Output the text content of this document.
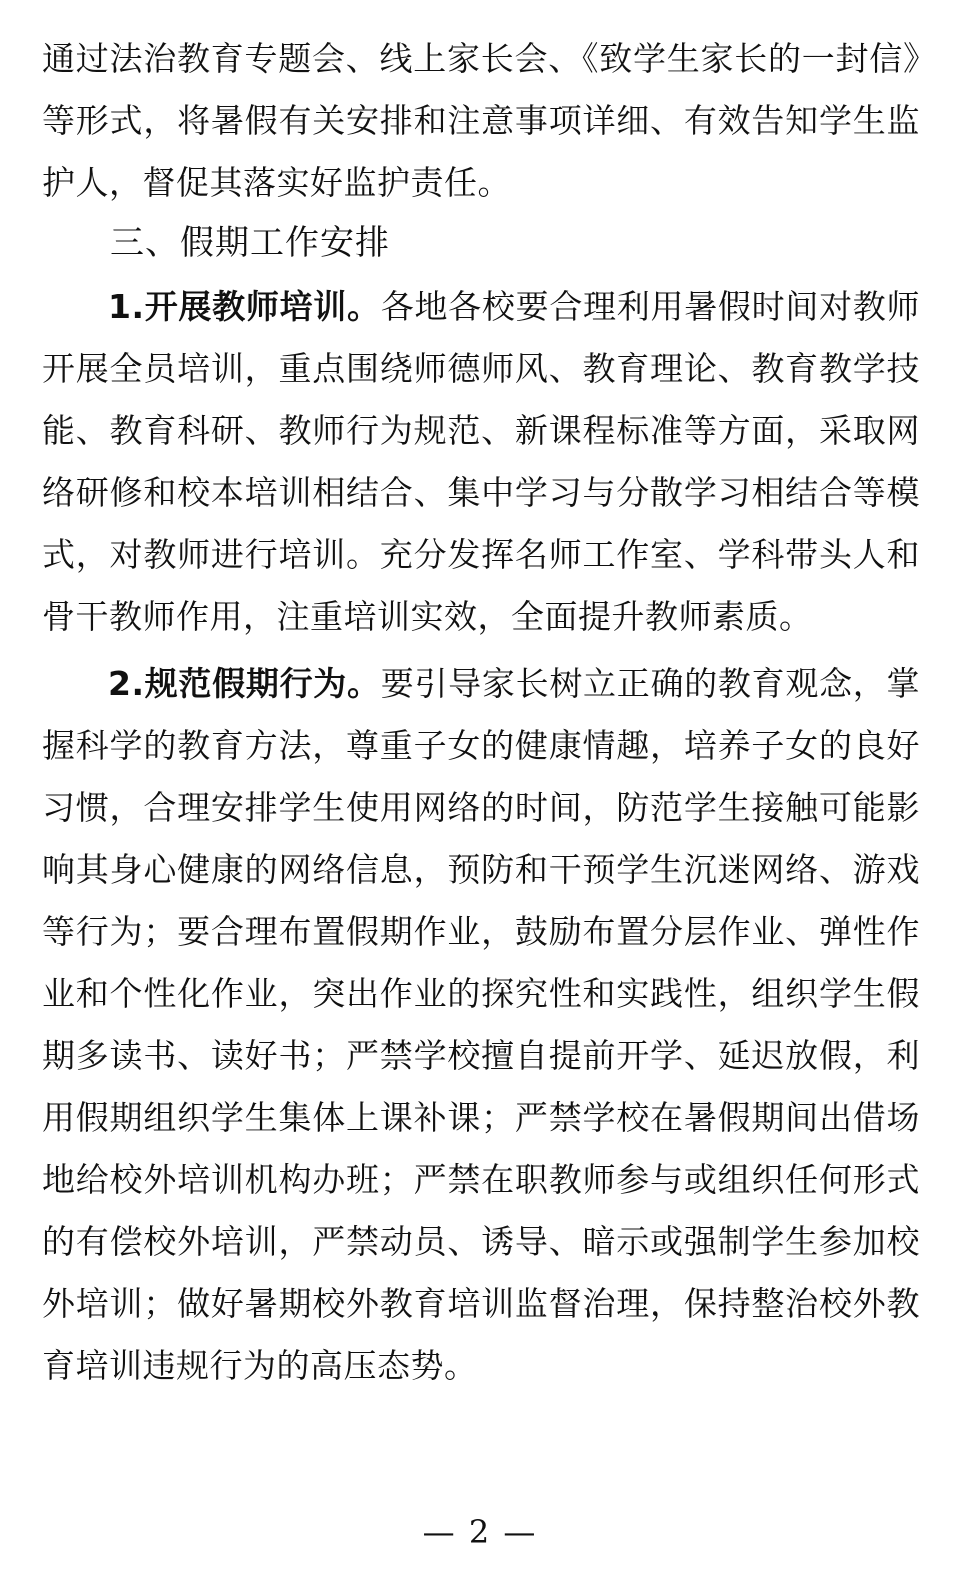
通过法治教育专题会、线上家长会、《致学生家长的一封信》等形式，将暑假有关安排和注意事项详细、有效告知学生监护人，督促其落实好监护责任。

三、假期工作安排

1.开展教师培训。各地各校要合理利用暑假时间对教师开展全员培训，重点围绕师德师风、教育理论、教育教学技能、教育科研、教师行为规范、新课程标准等方面，采取网络研修和校本培训相结合、集中学习与分散学习相结合等模式，对教师进行培训。充分发挥名师工作室、学科带头人和骨干教师作用，注重培训实效，全面提升教师素质。

2.规范假期行为。要引导家长树立正确的教育观念，掌握科学的教育方法，尊重子女的健康情趣，培养子女的良好习惯，合理安排学生使用网络的时间，防范学生接触可能影响其身心健康的网络信息，预防和干预学生沉迷网络、游戏等行为；要合理布置假期作业，鼓励布置分层作业、弹性作业和个性化作业，突出作业的探究性和实践性，组织学生假期多读书、读好书；严禁学校擅自提前开学、延迟放假，利用假期组织学生集体上课补课；严禁学校在暑假期间出借场地给校外培训机构办班；严禁在职教师参与或组织任何形式的有偿校外培训，严禁动员、诱导、暗示或强制学生参加校外培训；做好暑期校外教育培训监督治理，保持整治校外教育培训违规行为的高压态势。

— 2 —
